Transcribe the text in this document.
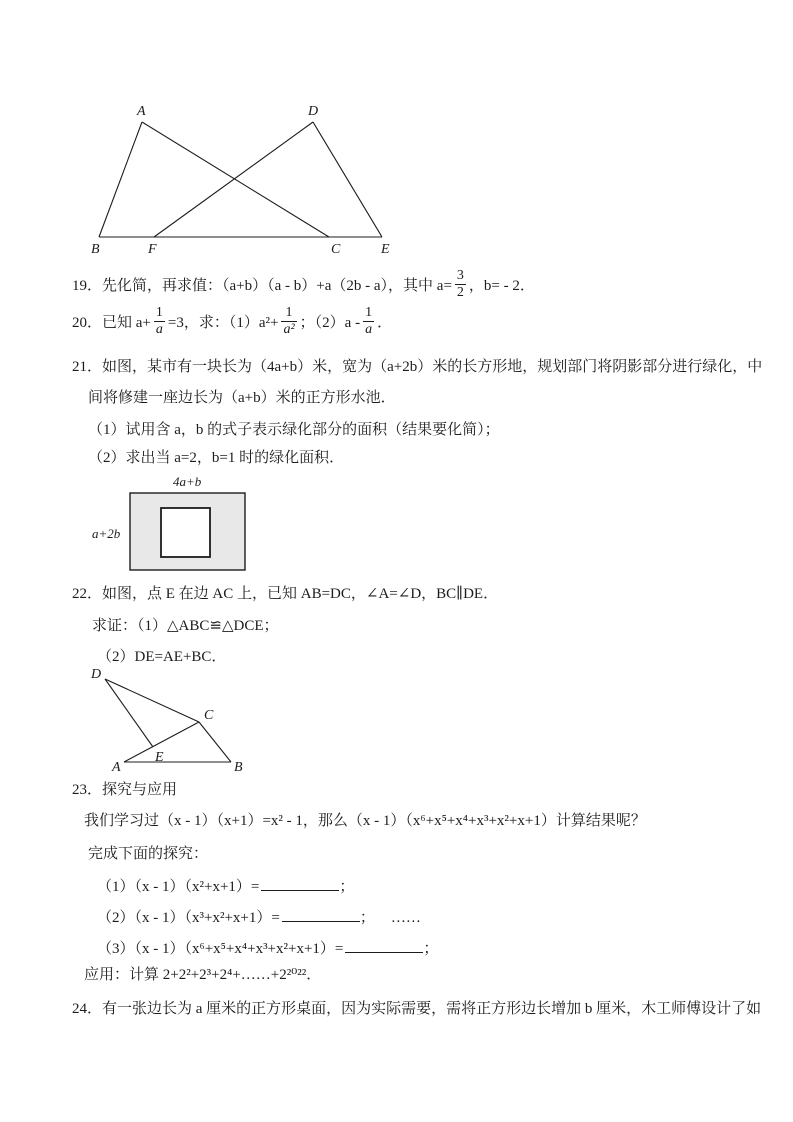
A	D
B	F	C	E
19．先化简，再求值：（a+b）（a - b）+a（2b - a），其中 $a= \frac{3}{2}$ ，b= - 2．
20．已知 $a+ \frac{1}{a} =3$，求：$(1)a^2+ \frac{1}{\text{a²}}$ ；$(2)a - \frac{1}{a}$ ．
21．如图，某市有一块长为（4a+b）米，宽为（a+2b）米的长方形地，规划部门将阴影部分进行绿化，中
间将修建一座边长为（a+b）米的正方形水池．
（1）试用含 a，b 的式子表示绿化部分的面积（结果要化简）；
（2）求出当 a=2，b=1 时的绿化面积．
4a+b
a+2b
22．如图，点 E 在边 AC 上，已知 AB=DC，∠A=∠D，BC∥DE．
求证：（1）△ABC≌△DCE；
（2）DE=AE+BC．
D
C
E
A	B
23．探究与应用
我们学习过（x - 1）（x+1）=x² - 1，那么（x - 1）（x⁶+x⁵+x⁴+x³+x²+x+1）计算结果呢？
完成下面的探究：
（1）（x - 1）（x²+x+1）=	；
（2）（x - 1）（x³+x²+x+1）=	； ……
（3）（x - 1）（x⁶+x⁵+x⁴+x³+x²+x+1）=	；
应用：计算 2+2²+2³+2⁴+……+2²⁰²²．
24．有一张边长为 a 厘米的正方形桌面，因为实际需要，需将正方形边长增加 b 厘米，木工师傅设计了如
